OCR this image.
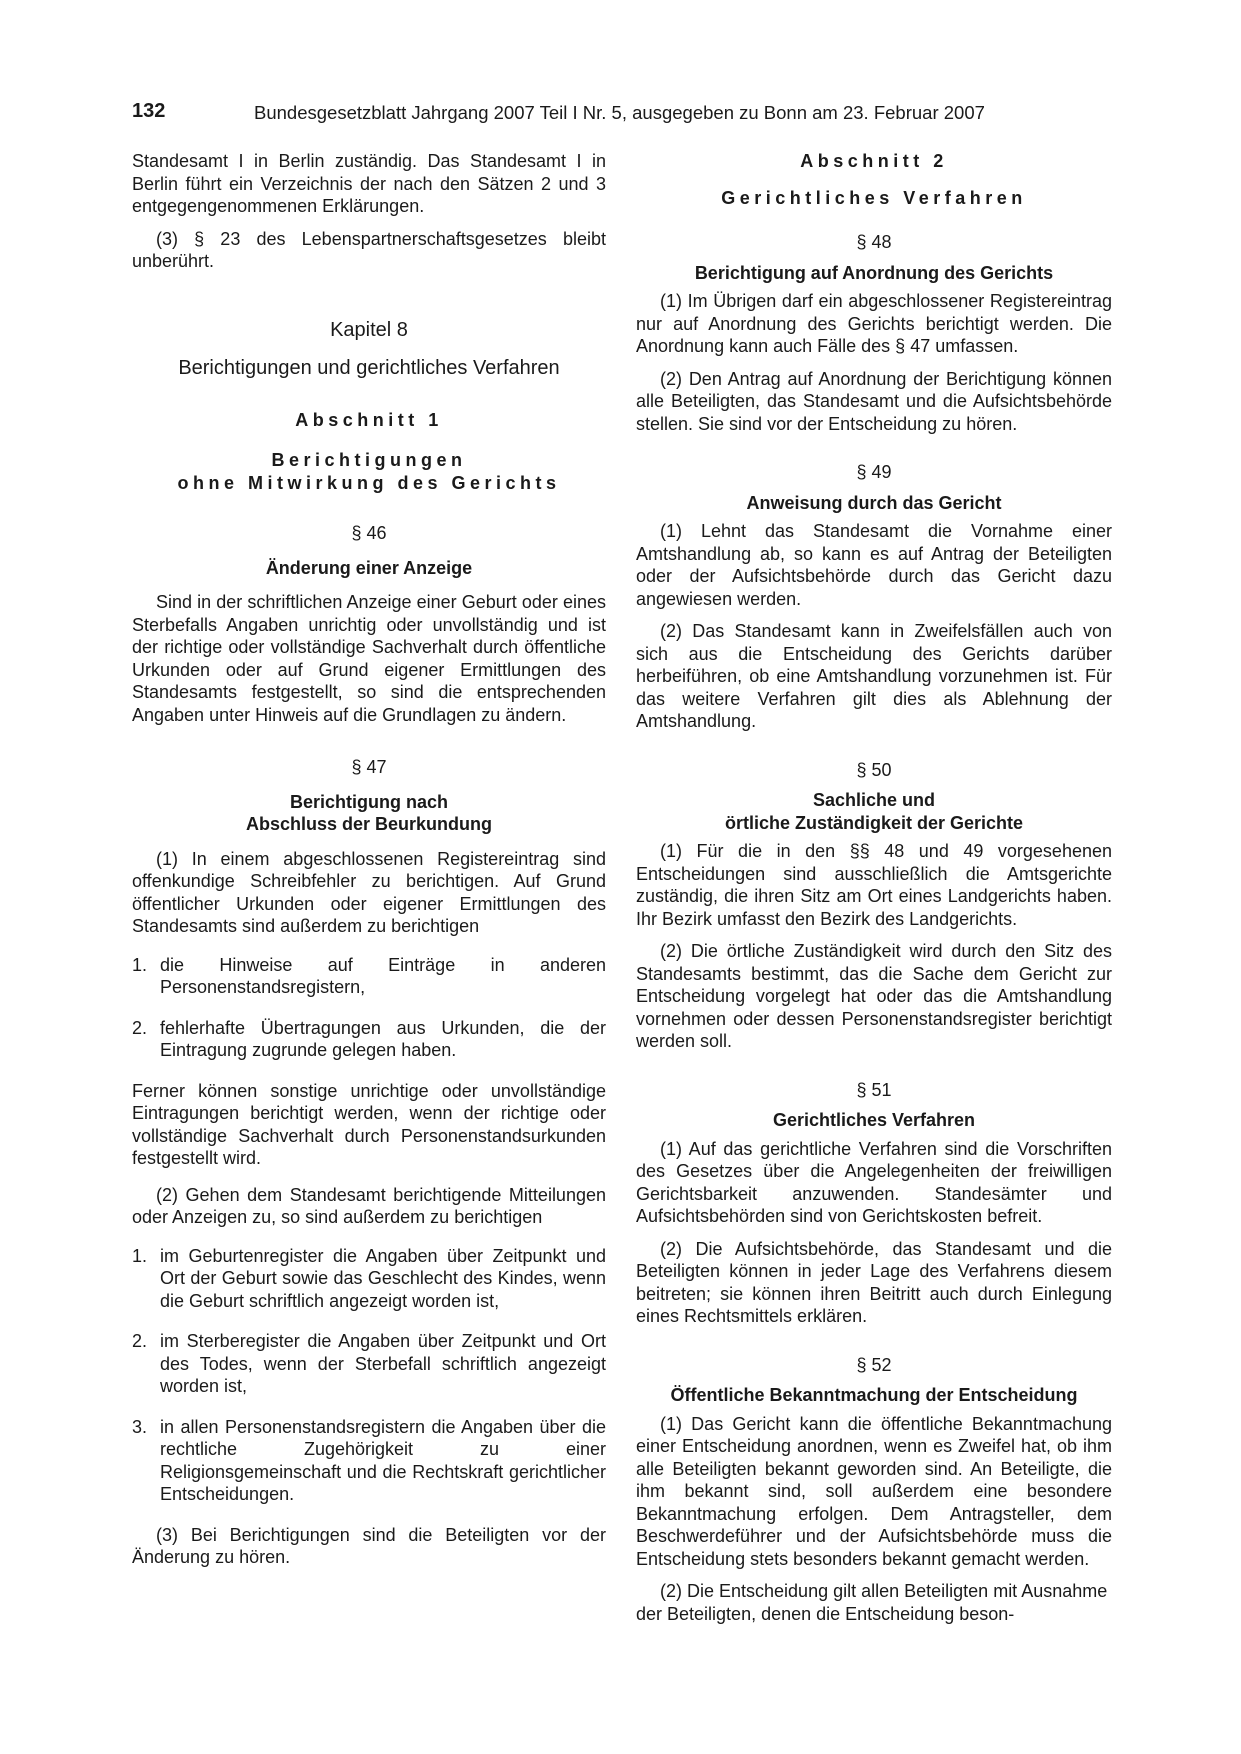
132	Bundesgesetzblatt Jahrgang 2007 Teil I Nr. 5, ausgegeben zu Bonn am 23. Februar 2007

Standesamt I in Berlin zuständig. Das Standesamt I in Berlin führt ein Verzeichnis der nach den Sätzen 2 und 3 entgegengenommenen Erklärungen.

(3) § 23 des Lebenspartnerschaftsgesetzes bleibt unberührt.

Kapitel 8

Berichtigungen und gerichtliches Verfahren

Abschnitt 1

Berichtigungen

ohne Mitwirkung des Gerichts

§ 46

Änderung einer Anzeige

Sind in der schriftlichen Anzeige einer Geburt oder eines Sterbefalls Angaben unrichtig oder unvollständig und ist der richtige oder vollständige Sachverhalt durch öffentliche Urkunden oder auf Grund eigener Ermittlungen des Standesamts festgestellt, so sind die entsprechenden Angaben unter Hinweis auf die Grundlagen zu ändern.

§ 47

Berichtigung nach

Abschluss der Beurkundung

(1) In einem abgeschlossenen Registereintrag sind offenkundige Schreibfehler zu berichtigen. Auf Grund öffentlicher Urkunden oder eigener Ermittlungen des Standesamts sind außerdem zu berichtigen

1. die Hinweise auf Einträge in anderen Personenstandsregistern,
2. fehlerhafte Übertragungen aus Urkunden, die der Eintragung zugrunde gelegen haben.

Ferner können sonstige unrichtige oder unvollständige Eintragungen berichtigt werden, wenn der richtige oder vollständige Sachverhalt durch Personenstandsurkunden festgestellt wird.

(2) Gehen dem Standesamt berichtigende Mitteilungen oder Anzeigen zu, so sind außerdem zu berichtigen

1. im Geburtenregister die Angaben über Zeitpunkt und Ort der Geburt sowie das Geschlecht des Kindes, wenn die Geburt schriftlich angezeigt worden ist,
2. im Sterberegister die Angaben über Zeitpunkt und Ort des Todes, wenn der Sterbefall schriftlich angezeigt worden ist,
3. in allen Personenstandsregistern die Angaben über die rechtliche Zugehörigkeit zu einer Religionsgemeinschaft und die Rechtskraft gerichtlicher Entscheidungen.

(3) Bei Berichtigungen sind die Beteiligten vor der Änderung zu hören.

Abschnitt 2

Gerichtliches Verfahren

§ 48

Berichtigung auf Anordnung des Gerichts

(1) Im Übrigen darf ein abgeschlossener Registereintrag nur auf Anordnung des Gerichts berichtigt werden. Die Anordnung kann auch Fälle des § 47 umfassen.

(2) Den Antrag auf Anordnung der Berichtigung können alle Beteiligten, das Standesamt und die Aufsichtsbehörde stellen. Sie sind vor der Entscheidung zu hören.

§ 49

Anweisung durch das Gericht

(1) Lehnt das Standesamt die Vornahme einer Amtshandlung ab, so kann es auf Antrag der Beteiligten oder der Aufsichtsbehörde durch das Gericht dazu angewiesen werden.

(2) Das Standesamt kann in Zweifelsfällen auch von sich aus die Entscheidung des Gerichts darüber herbeiführen, ob eine Amtshandlung vorzunehmen ist. Für das weitere Verfahren gilt dies als Ablehnung der Amtshandlung.

§ 50

Sachliche und

örtliche Zuständigkeit der Gerichte

(1) Für die in den §§ 48 und 49 vorgesehenen Entscheidungen sind ausschließlich die Amtsgerichte zuständig, die ihren Sitz am Ort eines Landgerichts haben. Ihr Bezirk umfasst den Bezirk des Landgerichts.

(2) Die örtliche Zuständigkeit wird durch den Sitz des Standesamts bestimmt, das die Sache dem Gericht zur Entscheidung vorgelegt hat oder das die Amtshandlung vornehmen oder dessen Personenstandsregister berichtigt werden soll.

§ 51

Gerichtliches Verfahren

(1) Auf das gerichtliche Verfahren sind die Vorschriften des Gesetzes über die Angelegenheiten der freiwilligen Gerichtsbarkeit anzuwenden. Standesämter und Aufsichtsbehörden sind von Gerichtskosten befreit.

(2) Die Aufsichtsbehörde, das Standesamt und die Beteiligten können in jeder Lage des Verfahrens diesem beitreten; sie können ihren Beitritt auch durch Einlegung eines Rechtsmittels erklären.

§ 52

Öffentliche Bekanntmachung der Entscheidung

(1) Das Gericht kann die öffentliche Bekanntmachung einer Entscheidung anordnen, wenn es Zweifel hat, ob ihm alle Beteiligten bekannt geworden sind. An Beteiligte, die ihm bekannt sind, soll außerdem eine besondere Bekanntmachung erfolgen. Dem Antragsteller, dem Beschwerdeführer und der Aufsichtsbehörde muss die Entscheidung stets besonders bekannt gemacht werden.

(2) Die Entscheidung gilt allen Beteiligten mit Ausnahme der Beteiligten, denen die Entscheidung beson-
